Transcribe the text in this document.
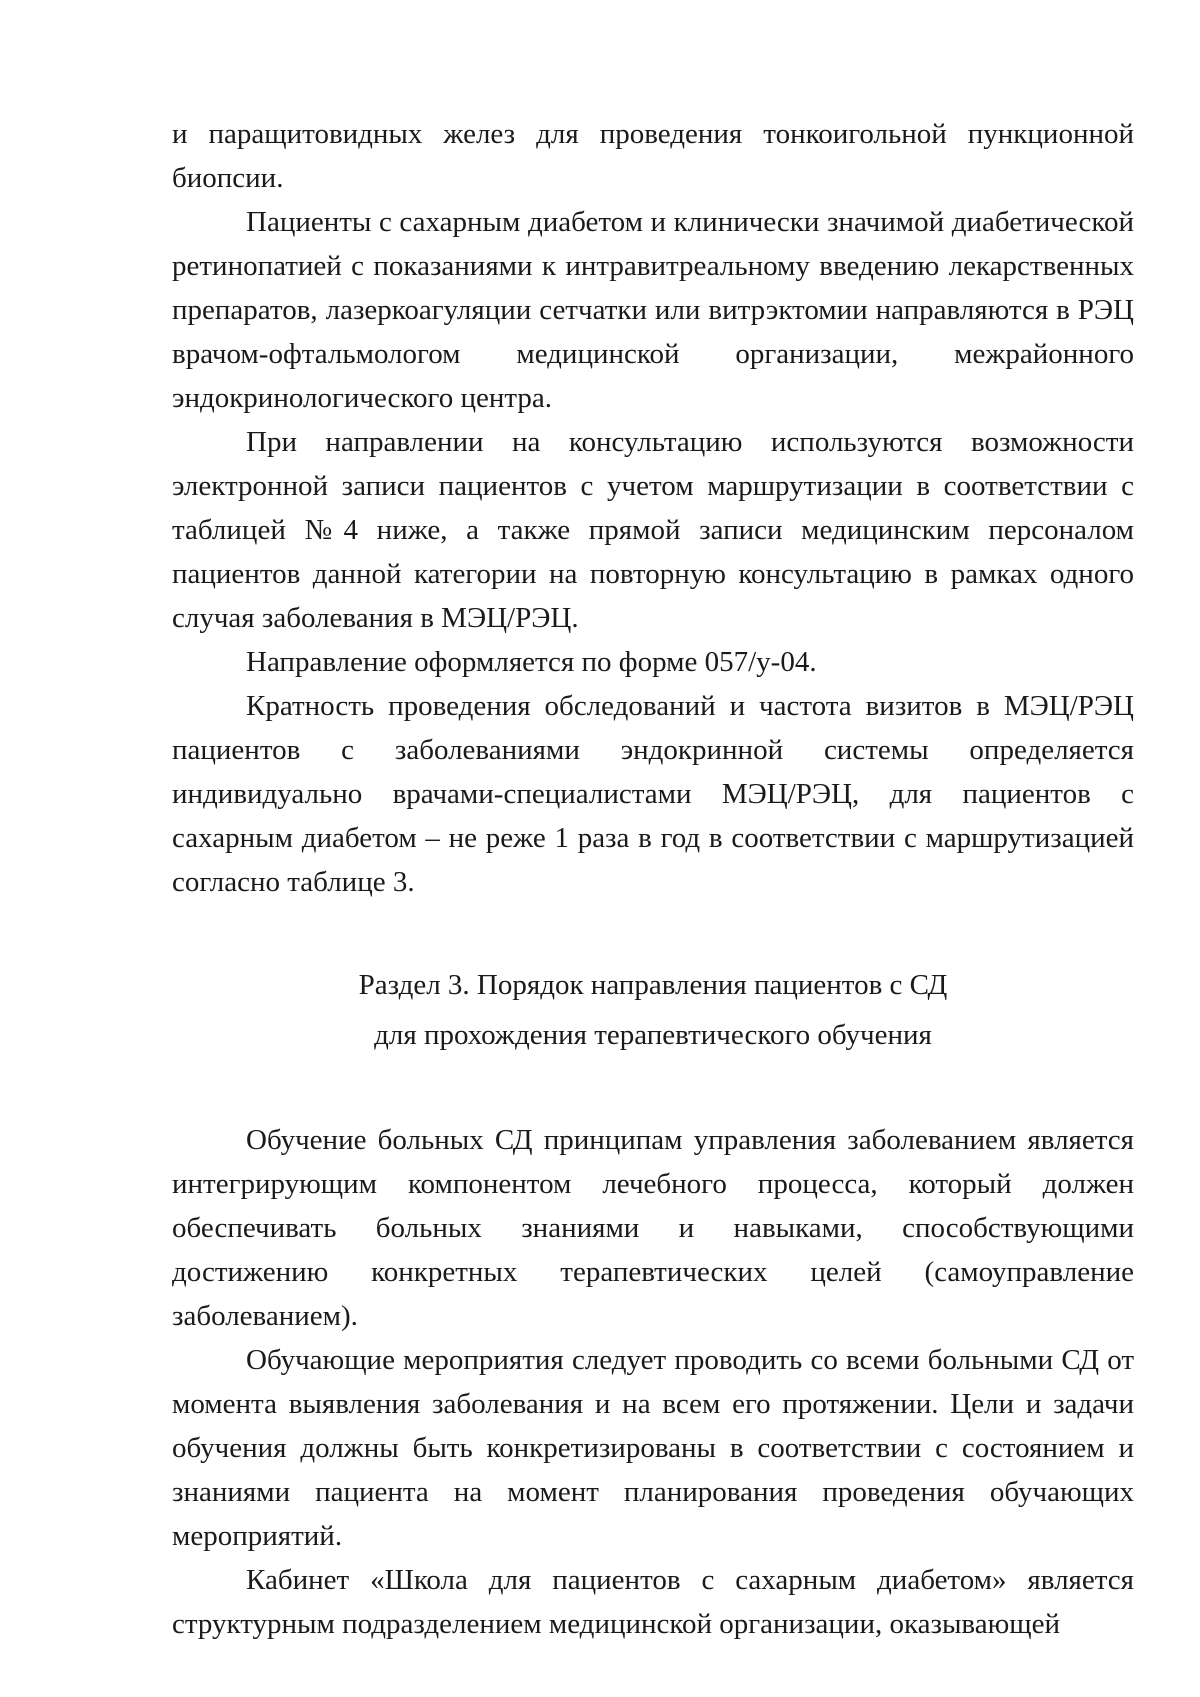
и паращитовидных желез для проведения тонкоигольной пункционной биопсии.

Пациенты с сахарным диабетом и клинически значимой диабетической ретинопатией с показаниями к интравитреальному введению лекарственных препаратов, лазеркоагуляции сетчатки или витрэктомии направляются в РЭЦ врачом-офтальмологом медицинской организации, межрайонного эндокринологического центра.

При направлении на консультацию используются возможности электронной записи пациентов с учетом маршрутизации в соответствии с таблицей №4 ниже, а также прямой записи медицинским персоналом пациентов данной категории на повторную консультацию в рамках одного случая заболевания в МЭЦ/РЭЦ.

Направление оформляется по форме 057/у-04.

Кратность проведения обследований и частота визитов в МЭЦ/РЭЦ пациентов с заболеваниями эндокринной системы определяется индивидуально врачами-специалистами МЭЦ/РЭЦ, для пациентов с сахарным диабетом – не реже 1 раза в год в соответствии с маршрутизацией согласно таблице 3.

Раздел 3. Порядок направления пациентов с СД
для прохождения терапевтического обучения

Обучение больных СД принципам управления заболеванием является интегрирующим компонентом лечебного процесса, который должен обеспечивать больных знаниями и навыками, способствующими достижению конкретных терапевтических целей (самоуправление заболеванием).

Обучающие мероприятия следует проводить со всеми больными СД от момента выявления заболевания и на всем его протяжении. Цели и задачи обучения должны быть конкретизированы в соответствии с состоянием и знаниями пациента на момент планирования проведения обучающих мероприятий.

Кабинет «Школа для пациентов с сахарным диабетом» является структурным подразделением медицинской организации, оказывающей
